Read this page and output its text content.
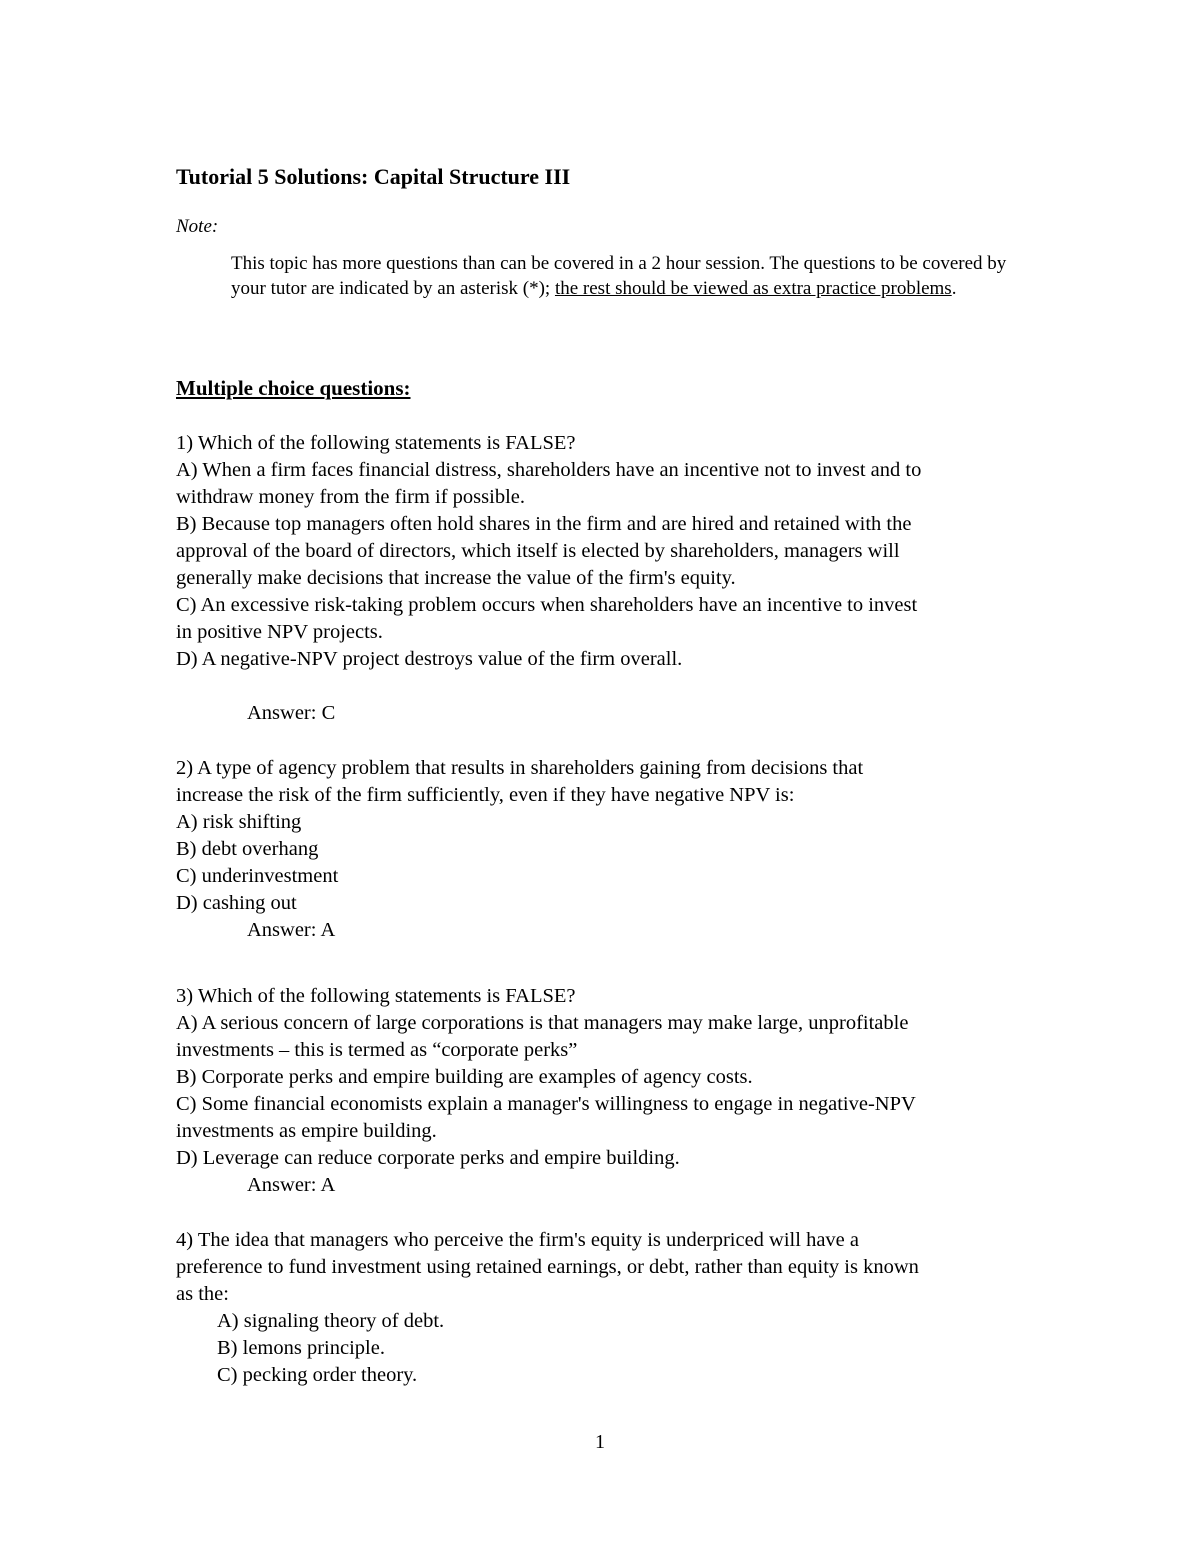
Tutorial 5 Solutions: Capital Structure III
Note:
This topic has more questions than can be covered in a 2 hour session. The questions to be covered by your tutor are indicated by an asterisk (*); the rest should be viewed as extra practice problems.
Multiple choice questions:
1) Which of the following statements is FALSE?
A) When a firm faces financial distress, shareholders have an incentive not to invest and to
withdraw money from the firm if possible.
B) Because top managers often hold shares in the firm and are hired and retained with the
approval of the board of directors, which itself is elected by shareholders, managers will
generally make decisions that increase the value of the firm's equity.
C) An excessive risk-taking problem occurs when shareholders have an incentive to invest
in positive NPV projects.
D) A negative-NPV project destroys value of the firm overall.
Answer: C
2) A type of agency problem that results in shareholders gaining from decisions that
increase the risk of the firm sufficiently, even if they have negative NPV is:
A) risk shifting
B) debt overhang
C) underinvestment
D) cashing out
Answer: A
3) Which of the following statements is FALSE?
A) A serious concern of large corporations is that managers may make large, unprofitable
investments – this is termed as “corporate perks”
B) Corporate perks and empire building are examples of agency costs.
C) Some financial economists explain a manager's willingness to engage in negative-NPV
investments as empire building.
D) Leverage can reduce corporate perks and empire building.
Answer: A
4) The idea that managers who perceive the firm's equity is underpriced will have a
preference to fund investment using retained earnings, or debt, rather than equity is known
as the:
A) signaling theory of debt.
B) lemons principle.
C) pecking order theory.
1
